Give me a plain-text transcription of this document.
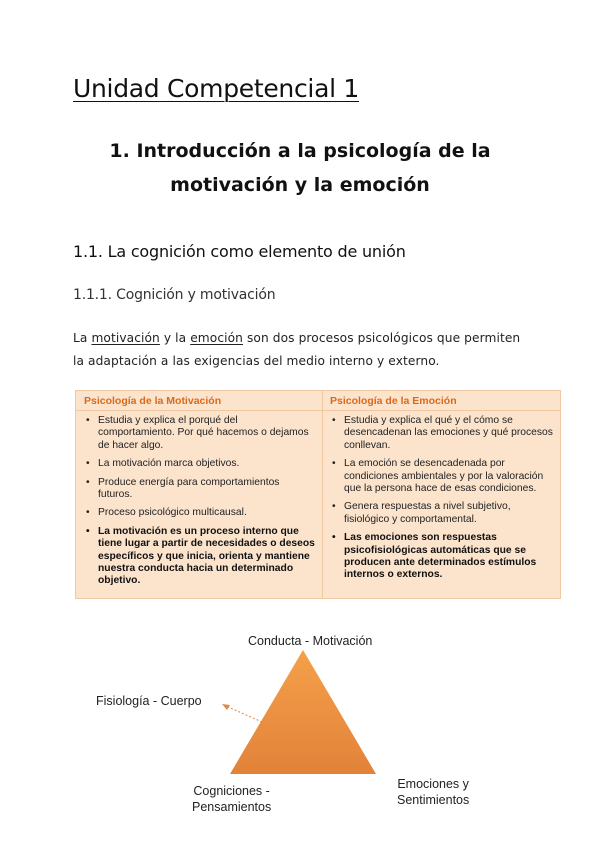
Unidad Competencial 1
1. Introducción a la psicología de la
motivación y la emoción
1.1. La cognición como elemento de unión
1.1.1. Cognición y motivación
La motivación y la emoción son dos procesos psicológicos que permiten la adaptación a las exigencias del medio interno y externo.
Psicología de la Motivación
• Estudia y explica el porqué del comportamiento. Por qué hacemos o dejamos de hacer algo.
• La motivación marca objetivos.
• Produce energía para comportamientos futuros.
• Proceso psicológico multicausal.
• La motivación es un proceso interno que tiene lugar a partir de necesidades o deseos específicos y que inicia, orienta y mantiene nuestra conducta hacia un determinado objetivo.
Psicología de la Emoción
• Estudia y explica el qué y el cómo se desencadenan las emociones y qué procesos conllevan.
• La emoción se desencadenada por condiciones ambientales y por la valoración que la persona hace de esas condiciones.
• Genera respuestas a nivel subjetivo, fisiológico y comportamental.
• Las emociones son respuestas psicofisiológicas automáticas que se producen ante determinados estímulos internos o externos.
Conducta - Motivación
Fisiología - Cuerpo
Cogniciones -
Pensamientos
Emociones y
Sentimientos
